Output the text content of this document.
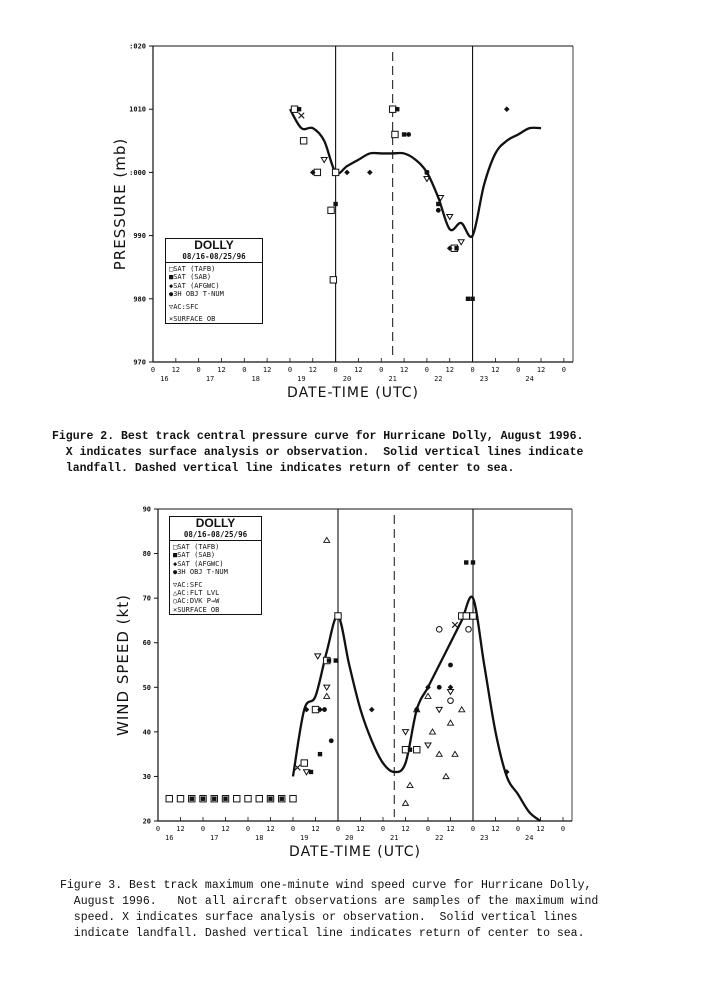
:020
1010
:000
990
980
970
0 12
16
0 12
17
0 12
18
0 12
19
0 12
20
0 12
21
0 12
22
0 12
23
0 12
24
0
PRESSURE (mb)
DATE-TIME (UTC)
90
80
70
60
50
40
30
20
0 12
16
0 12
17
0 12
18
0 12
19
0 12
20
0 12
21
0 12
22
0 12
23
0 12
24
0
WIND SPEED (kt)
DATE-TIME (UTC)
DOLLY
08/16-08/25/96
□SAT (TAFB)
■SAT (SAB)
◆SAT (AFGWC)
●3H OBJ T-NUM
▽AC:SFC
×SURFACE OB
DOLLY
08/16-08/25/96
□SAT (TAFB)
■SAT (SAB)
◆SAT (AFGWC)
●3H OBJ T-NUM
▽AC:SFC
△AC:FLT LVL
○AC:DVK P→W
×SURFACE OB
Figure 2. Best track central pressure curve for Hurricane Dolly, August 1996.
X indicates surface analysis or observation.  Solid vertical lines indicate
landfall. Dashed vertical line indicates return of center to sea.
Figure 3. Best track maximum one-minute wind speed curve for Hurricane Dolly,
August 1996.   Not all aircraft observations are samples of the maximum wind
speed. X indicates surface analysis or observation.  Solid vertical lines
indicate landfall. Dashed vertical line indicates return of center to sea.
